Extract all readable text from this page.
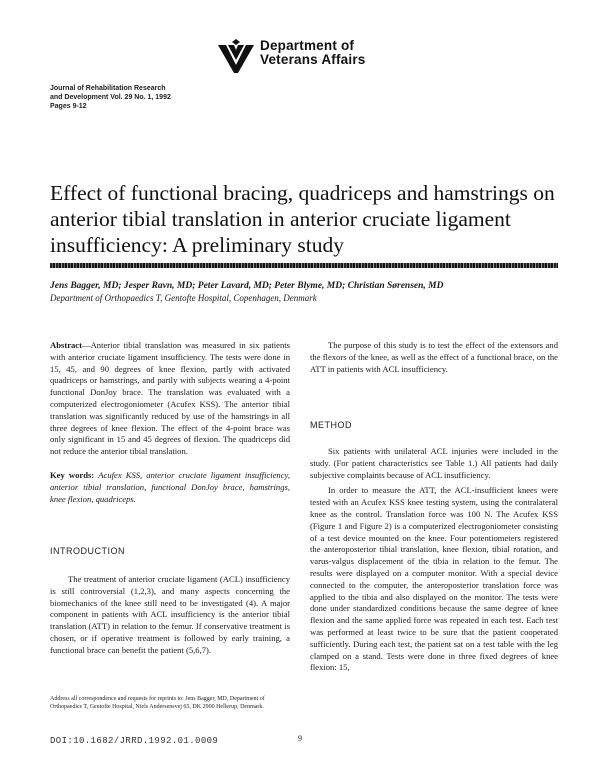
Department of
Veterans Affairs
Journal of Rehabilitation Research
and Development Vol. 29 No. 1, 1992
Pages 9-12
Effect of functional bracing, quadriceps and hamstrings on anterior tibial translation in anterior cruciate ligament insufficiency: A preliminary study
Jens Bagger, MD; Jesper Ravn, MD; Peter Lavard, MD; Peter Blyme, MD; Christian Sørensen, MD
Department of Orthopaedics T, Gentofte Hospital, Copenhagen, Denmark

Abstract—Anterior tibial translation was measured in six patients with anterior cruciate ligament insufficiency. The tests were done in 15, 45, and 90 degrees of knee flexion, partly with activated quadriceps or hamstrings, and partly with subjects wearing a 4-point functional DonJoy brace. The translation was evaluated with a computerized electrogoniometer (Acufex KSS). The anterior tibial translation was significantly reduced by use of the hamstrings in all three degrees of knee flexion. The effect of the 4-point brace was only significant in 15 and 45 degrees of flexion. The quadriceps did not reduce the anterior tibial translation.

Key words: Acufex KSS, anterior cruciate ligament insufficiency, anterior tibial translation, functional DonJoy brace, hamstrings, knee flexion, quadriceps.

INTRODUCTION

The treatment of anterior cruciate ligament (ACL) insufficiency is still controversial (1,2,3), and many aspects concerning the biomechanics of the knee still need to be investigated (4). A major component in patients with ACL insufficiency is the anterior tibial translation (ATT) in relation to the femur. If conservative treatment is chosen, or if operative treatment is followed by early training, a functional brace can benefit the patient (5,6,7).

Address all correspondence and requests for reprints to: Jens Bagger, MD, Department of Orthopaedics T, Gentofte Hospital, Niels Andersensvej 65, DK 2900 Hellerup, Denmark.

The purpose of this study is to test the effect of the extensors and the flexors of the knee, as well as the effect of a functional brace, on the ATT in patients with ACL insufficiency.

METHOD

Six patients with unilateral ACL injuries were included in the study. (For patient characteristics see Table 1.) All patients had daily subjective complaints because of ACL insufficiency.

In order to measure the ATT, the ACL-insufficient knees were tested with an Acufex KSS knee testing system, using the contralateral knee as the control. Translation force was 100 N. The Acufex KSS (Figure 1 and Figure 2) is a computerized electrogoniometer consisting of a test device mounted on the knee. Four potentiometers registered the anteroposterior tibial translation, knee flexion, tibial rotation, and varus-valgus displacement of the tibia in relation to the femur. The results were displayed on a computer monitor. With a special device connected to the computer, the anteroposterior translation force was applied to the tibia and also displayed on the monitor. The tests were done under standardized conditions because the same degree of knee flexion and the same applied force was repeated in each test. Each test was performed at least twice to be sure that the patient cooperated sufficiently. During each test, the patient sat on a test table with the leg clamped on a stand. Tests were done in three fixed degrees of knee flexion: 15,

DOI:10.1682/JRRD.1992.01.0009	9
